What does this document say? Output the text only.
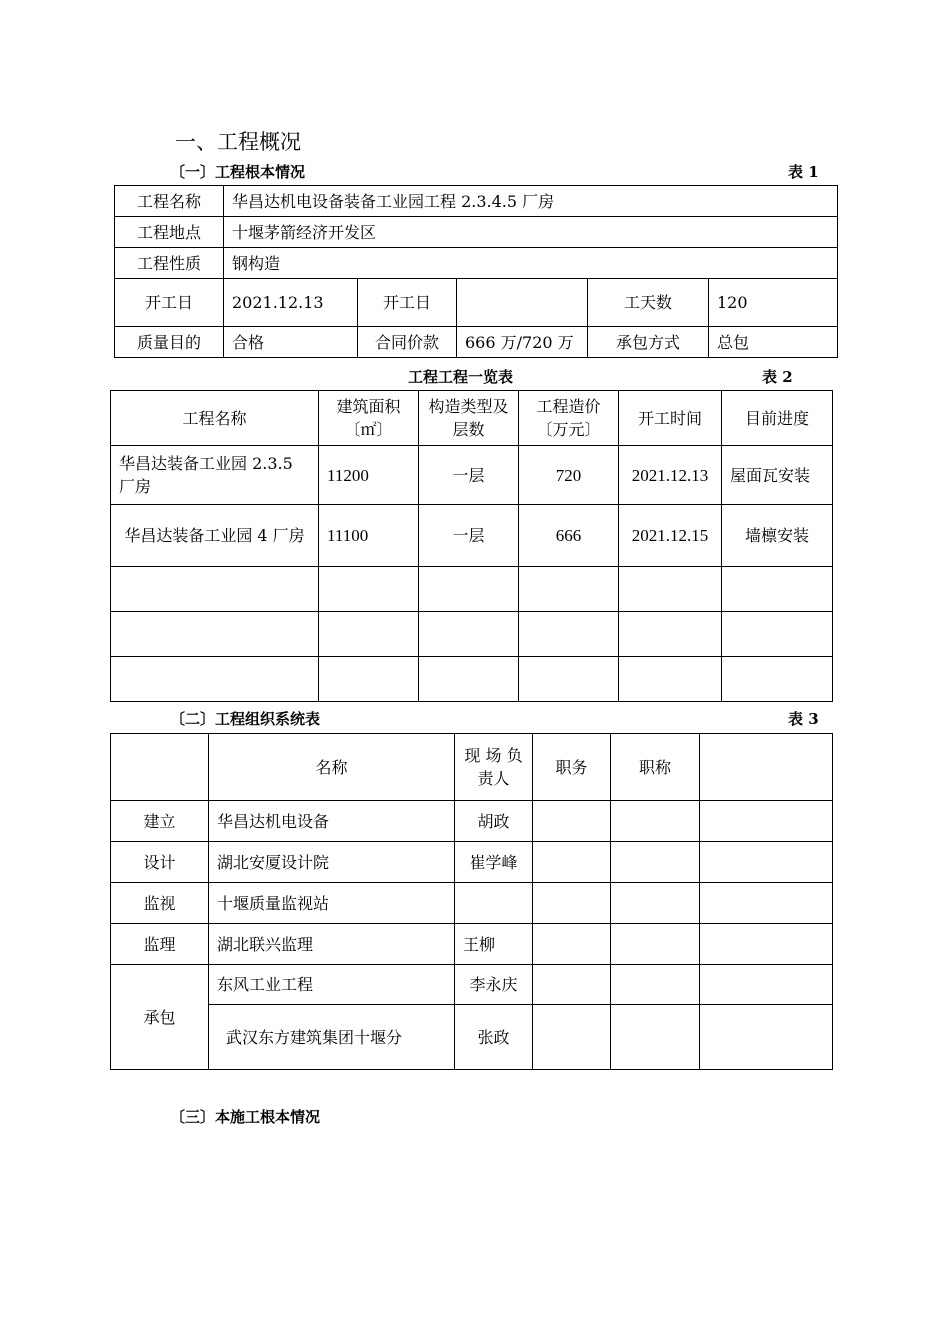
一、工程概况
〔一〕工程根本情况	表 1
工程名称	华昌达机电设备装备工业园工程 2.3.4.5 厂房				
工程地点	十堰茅箭经济开发区				
工程性质	钢构造				
开工日	2021.12.13	开工日		工天数	120
质量目的	合格	合同价款	666 万/720 万	承包方式	总包
工程工程一览表	表 2
工程名称	建筑面积〔㎡〕	构造类型及层数	工程造价〔万元〕	开工时间	目前进度
华昌达装备工业园 2.3.5 厂房	11200	一层	720	2021.12.13	屋面瓦安装
华昌达装备工业园 4 厂房	11100	一层	666	2021.12.15	墙檩安装

〔二〕工程组织系统表	表 3
	名称	现 场 负责人	职务	职称	
建立	华昌达机电设备	胡政			
设计	湖北安厦设计院	崔学峰			
监视	十堰质量监视站				
监理	湖北联兴监理	王柳			
承包	东风工业工程	李永庆			
	武汉东方建筑集团十堰分	张政			
〔三〕本施工根本情况
